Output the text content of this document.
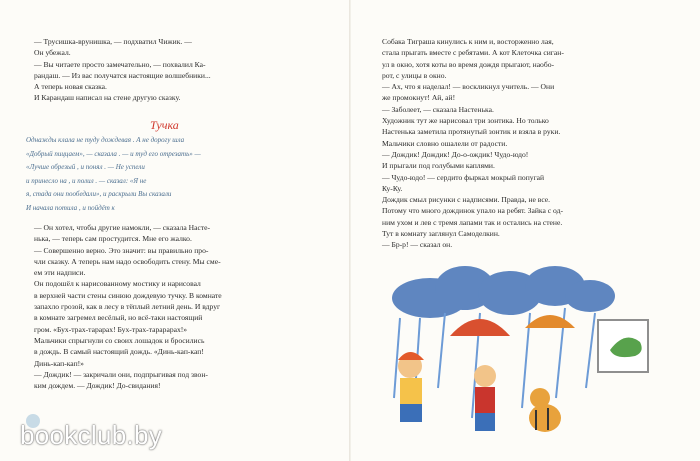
— Трусишка-врунишка, — подхватил Чижик. —

Он убежал.

— Вы читаете просто замечательно, — похвалил Ка-

рандаш. — Из вас получатся настоящие волшебники...

А теперь новая сказка.

И Карандаш написал на стене другую сказку.

Тучка

Однажды клала не туду дождевая . А не дорогу шла

«Добрый пиццаем», — сказала . — и туд его отрезать» —

«Лучше обрезый , и понял . — Не успели

и принесло на , и полил . — сказал: «Я не

я, стада они пообедали», и раскрыли Вы сказали

И начала потила , и пойдёт к

— Он хотел, чтобы другие намокли, — сказала Насте-

нька, — теперь сам простудится. Мне его жалко.

— Совершенно верно. Это значит: вы правильно про-

чли сказку. А теперь нам надо освободить стену. Мы сме-

ем эти надписи.

Он подошёл к нарисованному мостику и нарисовал

в верхней части стены синюю дождевую тучку. В комнате

запахло грозой, как в лесу в тёплый летний день. И вдруг

в комнате загремел весёлый, но всё-таки настоящий

гром. «Бух-трах-тарарах! Бух-трах-тарарарах!»

Мальчики спрыгнули со своих лошадок и бросились

в дождь. В самый настоящий дождь. «Динь-кап-кап!

Динь-кап-кап!»

— Дождик! — закричали они, подпрыгивая под звон-

ким дождем. — Дождик! До-свидания!

Собака Тиграша кинулись к ним и, восторженно лая,

стала прыгать вместе с ребятами. А кот Клеточка сиган-

ул в окно, хотя коты во время дождя прыгают, наобо-

рот, с улицы в окно.

— Ах, что я наделал! — воскликнул учитель. — Они

же промокнут! Ай, ай!

— Заболеет, — сказала Настенька.

Художник тут же нарисовал три зонтика. Но только

Настенька заметила протянутый зонтик и взяла в руки.

Мальчики словно ошалели от радости.

— Дождик! Дождик! До-о-ождик! Чудо-юдо!

И прыгали под голубыми каплями.

— Чудо-юдо! — сердито фыркал мокрый попугай

Ку-Ку.

Дождик смыл рисунки с надписями. Правда, не все.

Потому что много дождинок упало на ребят. Зайка с од-

ним ухом и лев с тремя лапами так и остались на стене.

Тут в комнату заглянул Самоделкин.

— Бр-р! — сказал он.

bookclub.by
